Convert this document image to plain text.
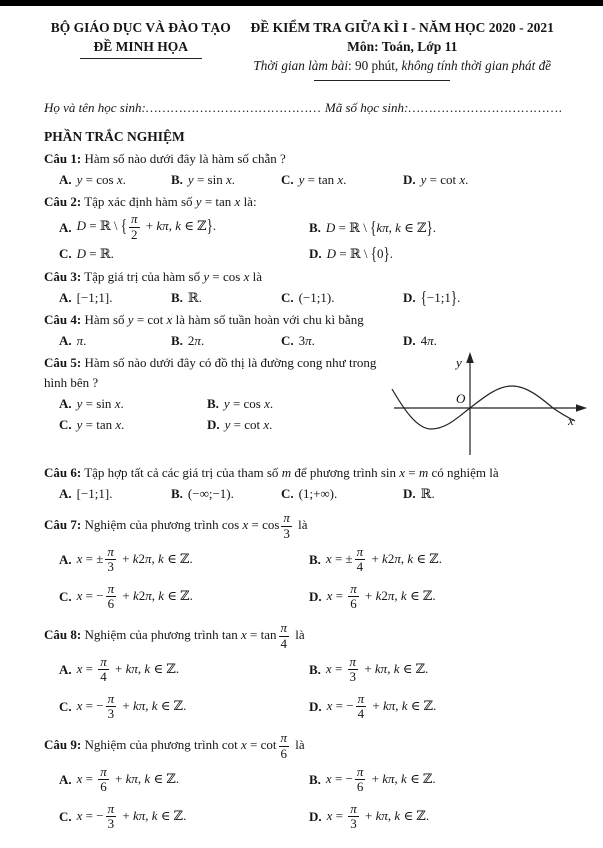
BỘ GIÁO DỤC VÀ ĐÀO TẠO
ĐỀ MINH HỌA
ĐỀ KIỂM TRA GIỮA KÌ I - NĂM HỌC 2020 - 2021
Môn: Toán, Lớp 11
Thời gian làm bài: 90 phút, không tính thời gian phát đề
Họ và tên học sinh:…………………………………… Mã số học sinh:……………………………….
PHẦN TRẮC NGHIỆM
Câu 1: Hàm số nào dưới đây là hàm số chẵn ?
A. y = cos x.	B. y = sin x.	C. y = tan x.	D. y = cot x.
Câu 2: Tập xác định hàm số y = tan x là:
A. D = ℝ \ { $\frac{\pi}{2} + k\pi$, k ∈ ℤ}.	B. D = ℝ \ {kπ, k ∈ ℤ}.
C. D = ℝ.	D. D = ℝ \ {0}.
Câu 3: Tập giá trị của hàm số y = cos x là
A. [−1;1].	B. ℝ.	C. (−1;1).	D. {−1;1}.
Câu 4: Hàm số y = cot x là hàm số tuần hoàn với chu kì bằng
A. π.	B. 2π.	C. 3π.	D. 4π.
Câu 5: Hàm số nào dưới đây có đồ thị là đường cong như trong hình bên ?
A. y = sin x.	B. y = cos x.
C. y = tan x.	D. y = cot x.
y
x
O
Câu 6: Tập hợp tất cả các giá trị của tham số m để phương trình sin x = m có nghiệm là
A. [−1;1].	B. (−∞;−1).	C. (1;+∞).	D. ℝ.
Câu 7: Nghiệm của phương trình $\cos x = \cos \frac{\pi}{3}$ là
A. x = ± $\frac{\pi}{3} + k2\pi$, k ∈ ℤ.	B. x = ± $\frac{\pi}{4} + k2\pi$, k ∈ ℤ.
C. x = − $\frac{\pi}{6} + k2\pi$, k ∈ ℤ.	D. $x = \frac{\pi}{6} + k2\pi$, k ∈ ℤ.
Câu 8: Nghiệm của phương trình $\tan x = \tan \frac{\pi}{4}$ là
A. $x = \frac{\pi}{4} + k\pi$, k ∈ ℤ.	B. $x = \frac{\pi}{3} + k\pi$, k ∈ ℤ.
C. x = − $\frac{\pi}{3} + k\pi$, k ∈ ℤ.	D. x = − $\frac{\pi}{4} + k\pi$, k ∈ ℤ.
Câu 9: Nghiệm của phương trình $\cot x = \cot \frac{\pi}{6}$ là
A. $x = \frac{\pi}{6} + k\pi$, k ∈ ℤ.	B. x = − $\frac{\pi}{6} + k\pi$, k ∈ ℤ.
C. x = − $\frac{\pi}{3} + k\pi$, k ∈ ℤ.	D. $x = \frac{\pi}{3} + k\pi$, k ∈ ℤ.
